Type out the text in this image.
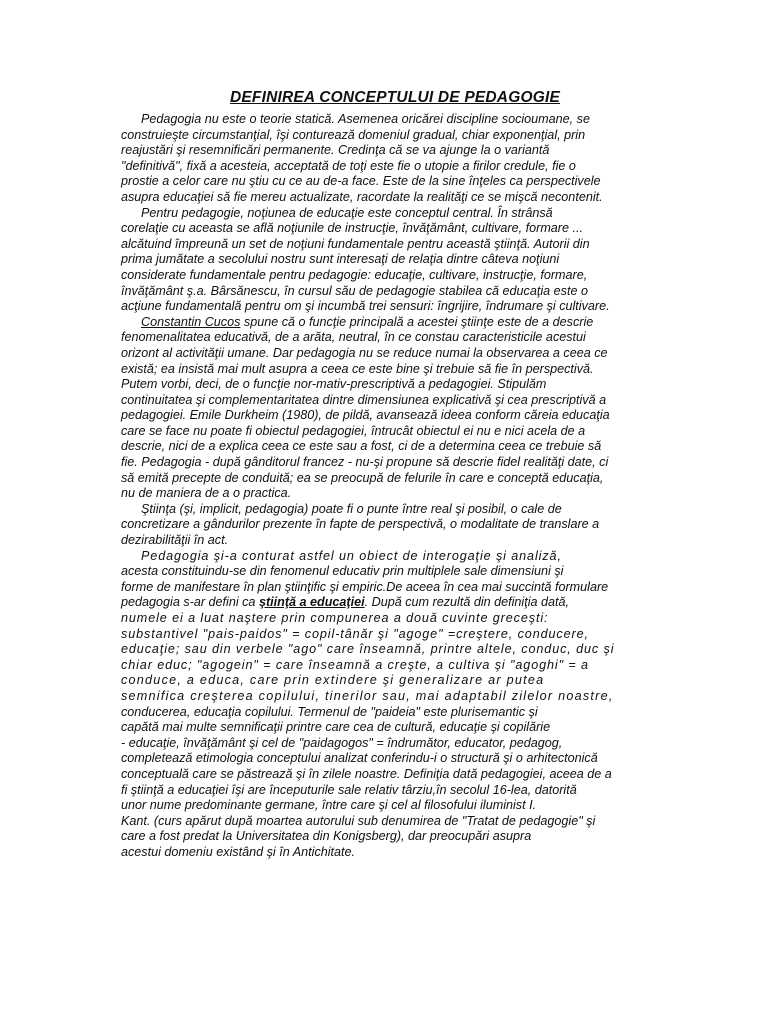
DEFINIREA CONCEPTULUI DE PEDAGOGIE
Pedagogia nu este o teorie statică. Asemenea oricărei discipline socioumane, se
construieşte circumstanţial, îşi conturează domeniul gradual, chiar exponenţial, prin
reajustări şi resemnificări permanente. Credinţa că se va ajunge la o variantă
"definitivă", fixă a acesteia, acceptată de toţi este fie o utopie a firilor credule, fie o
prostie a celor care nu ştiu cu ce au de-a face. Este de la sine înţeles ca perspectivele
asupra educaţiei să fie mereu actualizate, racordate la realităţi ce se mişcă necontenit.
Pentru pedagogie, noţiunea de educaţie este conceptul central. În strânsă
corelaţie cu aceasta se află noţiunile de instrucţie, învăţământ, cultivare, formare ...
alcătuind împreună un set de noţiuni fundamentale pentru această ştiinţă. Autorii din
prima jumătate a secolului nostru sunt interesaţi de relaţia dintre câteva noţiuni
considerate fundamentale pentru pedagogie: educaţie, cultivare, instrucţie, formare,
învăţământ ş.a. Bârsănescu, în cursul său de pedagogie stabilea că educaţia este o
acţiune fundamentală pentru om şi incumbă trei sensuri: îngrijire, îndrumare şi cultivare.
Constantin Cucos spune că o funcţie principală a acestei ştiinţe este de a descrie
fenomenalitatea educativă, de a arăta, neutral, în ce constau caracteristicile acestui
orizont al activităţii umane. Dar pedagogia nu se reduce numai la observarea a ceea ce
există; ea insistă mai mult asupra a ceea ce este bine şi trebuie să fie în perspectivă.
Putem vorbi, deci, de o funcţie nor-mativ-prescriptivă a pedagogiei. Stipulăm
continuitatea şi complementaritatea dintre dimensiunea explicativă şi cea prescriptivă a
pedagogiei. Emile Durkheim (1980), de pildă, avansează ideea conform căreia educaţia
care se face nu poate fi obiectul pedagogiei, întrucât obiectul ei nu e nici acela de a
descrie, nici de a explica ceea ce este sau a fost, ci de a determina ceea ce trebuie să
fie. Pedagogia - după gânditorul francez - nu-şi propune să descrie fidel realităţi date, ci
să emită precepte de conduită; ea se preocupă de felurile în care e conceptă educaţia,
nu de maniera de a o practica.
Ştiinţa (şi, implicit, pedagogia) poate fi o punte între real şi posibil, o cale de
concretizare a gândurilor prezente în fapte de perspectivă, o modalitate de translare a
dezirabilităţii în act.
Pedagogia şi-a conturat astfel un obiect de interogaţie şi analiză,
acesta constituindu-se din fenomenul educativ prin multiplele sale dimensiuni şi
forme de manifestare în plan ştiinţific şi empiric.De aceea în cea mai succintă formulare
pedagogia s-ar defini ca ştiinţă a educaţiei. După cum rezultă din definiţia dată,
numele ei a luat naştere prin compunerea a două cuvinte greceşti:
substantivel "pais-paidos" = copil-tânăr şi "agoge" =creştere, conducere,
educaţie; sau din verbele "ago" care înseamnă, printre altele, conduc, duc şi
chiar educ; "agogein" = care înseamnă a creşte, a cultiva şi "agoghi" = a
conduce, a educa, care prin extindere şi generalizare ar putea
semnifica creşterea copilului, tinerilor sau, mai adaptabil zilelor noastre,
conducerea, educaţia copilului. Termenul de "paideia" este plurisemantic şi
capătă mai multe semnificaţii printre care cea de cultură, educaţie şi copilărie
- educaţie, învăţământ şi cel de "paidagogos" = îndrumător, educator, pedagog,
completează etimologia conceptului analizat conferindu-i o structură şi o arhitectonică
conceptuală care se păstrează şi în zilele noastre. Definiţia dată pedagogiei, aceea de a
fi ştiinţă a educaţiei îşi are începuturile sale relativ târziu,în secolul 16-lea, datorită
unor nume predominante germane, între care şi cel al filosofului iluminist I.
Kant. (curs apărut după moartea autorului sub denumirea de "Tratat de pedagogie" şi
care a fost predat la Universitatea din Konigsberg), dar preocupări asupra
acestui domeniu existând şi în Antichitate.
